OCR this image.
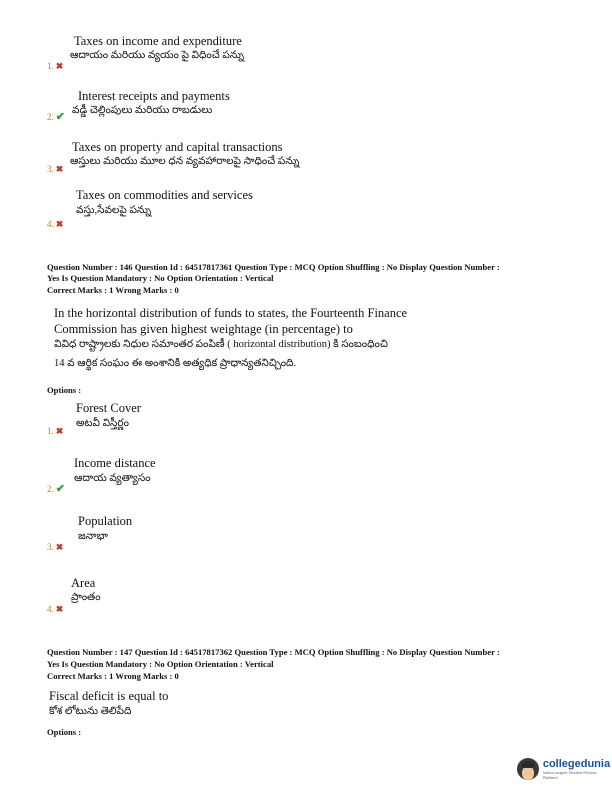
Taxes on income and expenditure
ఆదాయం మరియు వ్యయం పై విధించే పన్ను
1. ✖
Interest receipts and payments
వడ్డీ చెల్లింపులు మరియు రాబడులు
2. ✔
Taxes on property and capital transactions
ఆస్తులు మరియు మూల ధన వ్యవహారాలపై సాధించే పన్ను
3. ✖
Taxes on commodities and services
వస్తు,సేవలపై పన్ను
4. ✖
Question Number : 146 Question Id : 64517817361 Question Type : MCQ Option Shuffling : No Display Question Number :
Yes Is Question Mandatory : No Option Orientation : Vertical
Correct Marks : 1 Wrong Marks : 0
In the horizontal distribution of funds to states, the Fourteenth Finance
Commission has given highest weightage (in percentage) to
వివిధ రాష్ట్రాలకు నిధుల సమాంతర పంపిణీ ( horizontal distribution) కి సంబంధించి
14 వ ఆర్థిక సంఘం ఈ అంశానికి అత్యధిక ప్రాధాన్యతనిచ్చింది.
Options :
Forest Cover
అటవీ విస్తీర్ణం
1. ✖
Income distance
ఆదాయ వ్యత్యాసం
2. ✔
Population
జనాభా
3. ✖
Area
ప్రాంతం
4. ✖
Question Number : 147 Question Id : 64517817362 Question Type : MCQ Option Shuffling : No Display Question Number :
Yes Is Question Mandatory : No Option Orientation : Vertical
Correct Marks : 1 Wrong Marks : 0
Fiscal deficit is equal to
కోశ లోటును తెలిపేది
Options :
collegedunia
India's largest Student Review Platform
